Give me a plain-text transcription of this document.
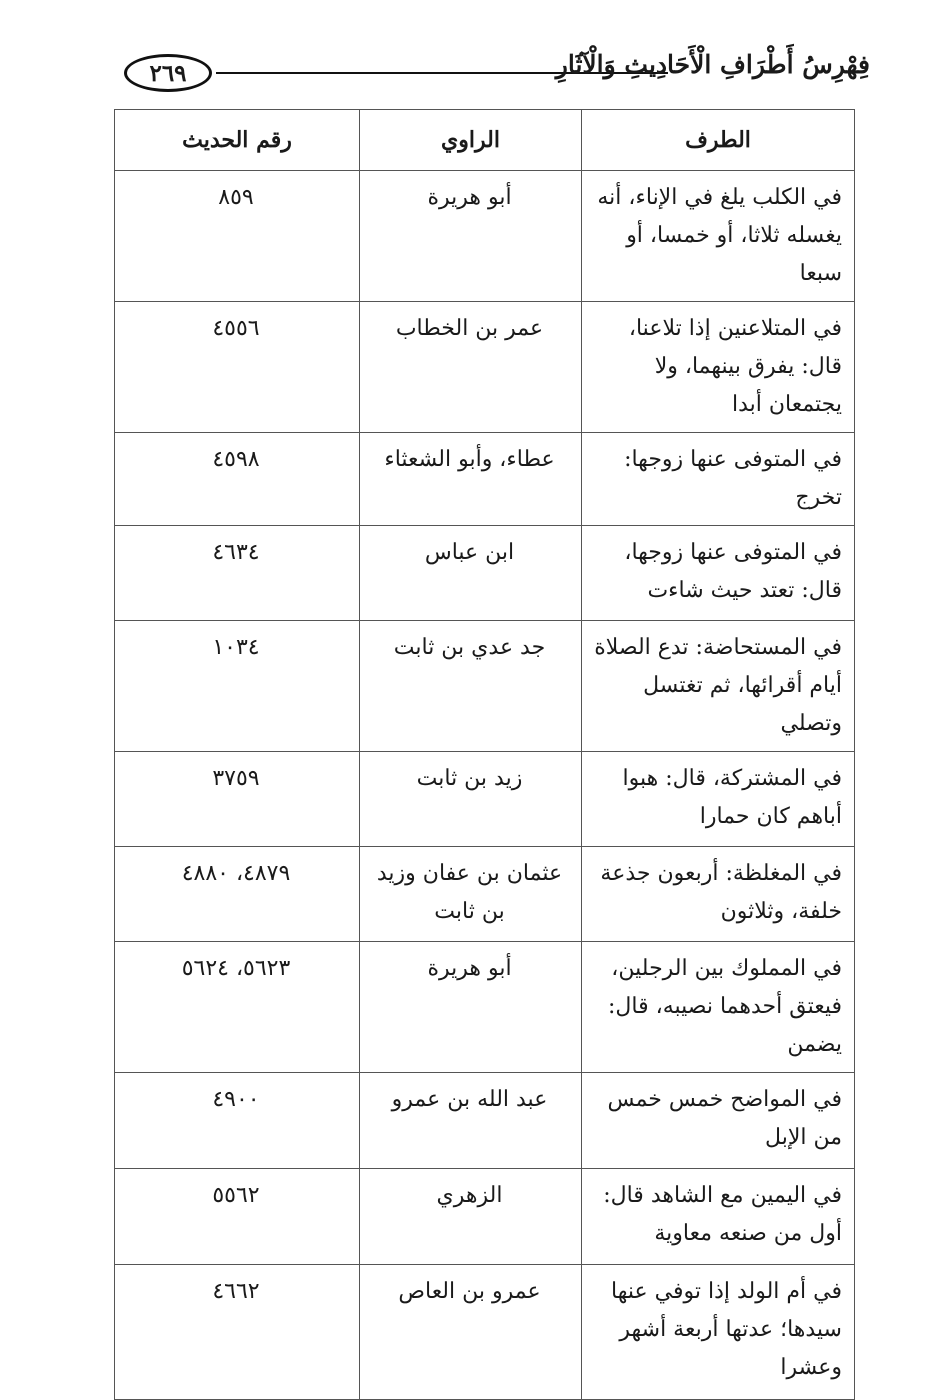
٢٦٩	فِهْرِسُ أَطْرَافِ الْأَحَادِيثِ وَالْآثَارِ
الطرف	الراوي	رقم الحديث
في الكلب يلغ في الإناء، أنه يغسله ثلاثا، أو خمسا، أو سبعا	أبو هريرة	٨٥٩
في المتلاعنين إذا تلاعنا، قال: يفرق بينهما، ولا يجتمعان أبدا	عمر بن الخطاب	٤٥٥٦
في المتوفى عنها زوجها: تخرج	عطاء، وأبو الشعثاء	٤٥٩٨
في المتوفى عنها زوجها، قال: تعتد حيث شاءت	ابن عباس	٤٦٣٤
في المستحاضة: تدع الصلاة أيام أقرائها، ثم تغتسل وتصلي	جد عدي بن ثابت	١٠٣٤
في المشتركة، قال: هبوا أباهم كان حمارا	زيد بن ثابت	٣٧٥٩
في المغلظة: أربعون جذعة خلفة، وثلاثون	عثمان بن عفان وزيد بن ثابت	٤٨٧٩، ٤٨٨٠
في المملوك بين الرجلين، فيعتق أحدهما نصيبه، قال: يضمن	أبو هريرة	٥٦٢٣، ٥٦٢٤
في المواضح خمس خمس من الإبل	عبد الله بن عمرو	٤٩٠٠
في اليمين مع الشاهد قال: أول من صنعه معاوية	الزهري	٥٥٦٢
في أم الولد إذا توفي عنها سيدها؛ عدتها أربعة أشهر وعشرا	عمرو بن العاص	٤٦٦٢
